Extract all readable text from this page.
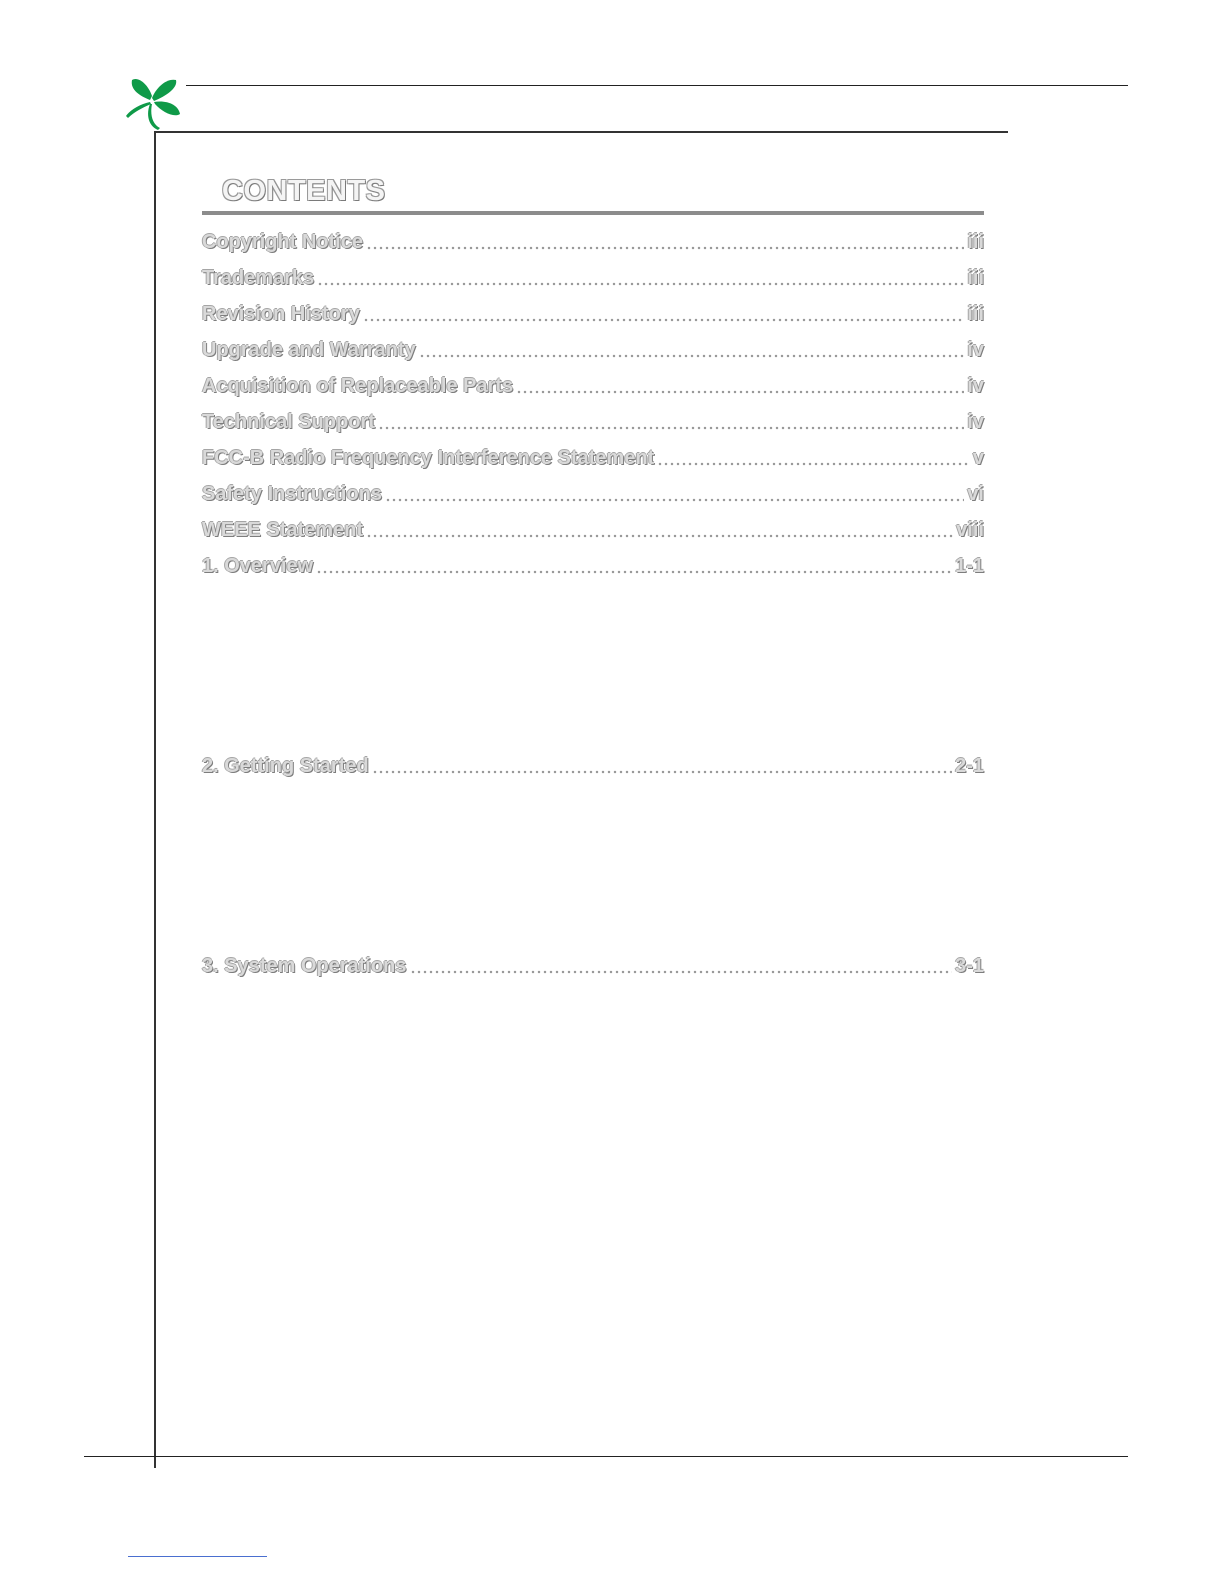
CONTENTS
Copyright Notice	iii
Trademarks	iii
Revision History	iii
Upgrade and Warranty	iv
Acquisition of Replaceable Parts	iv
Technical Support	iv
FCC-B Radio Frequency Interference Statement	v
Safety Instructions	vi
WEEE Statement	viii
1. Overview	1-1
2. Getting Started	2-1
3. System Operations	3-1
